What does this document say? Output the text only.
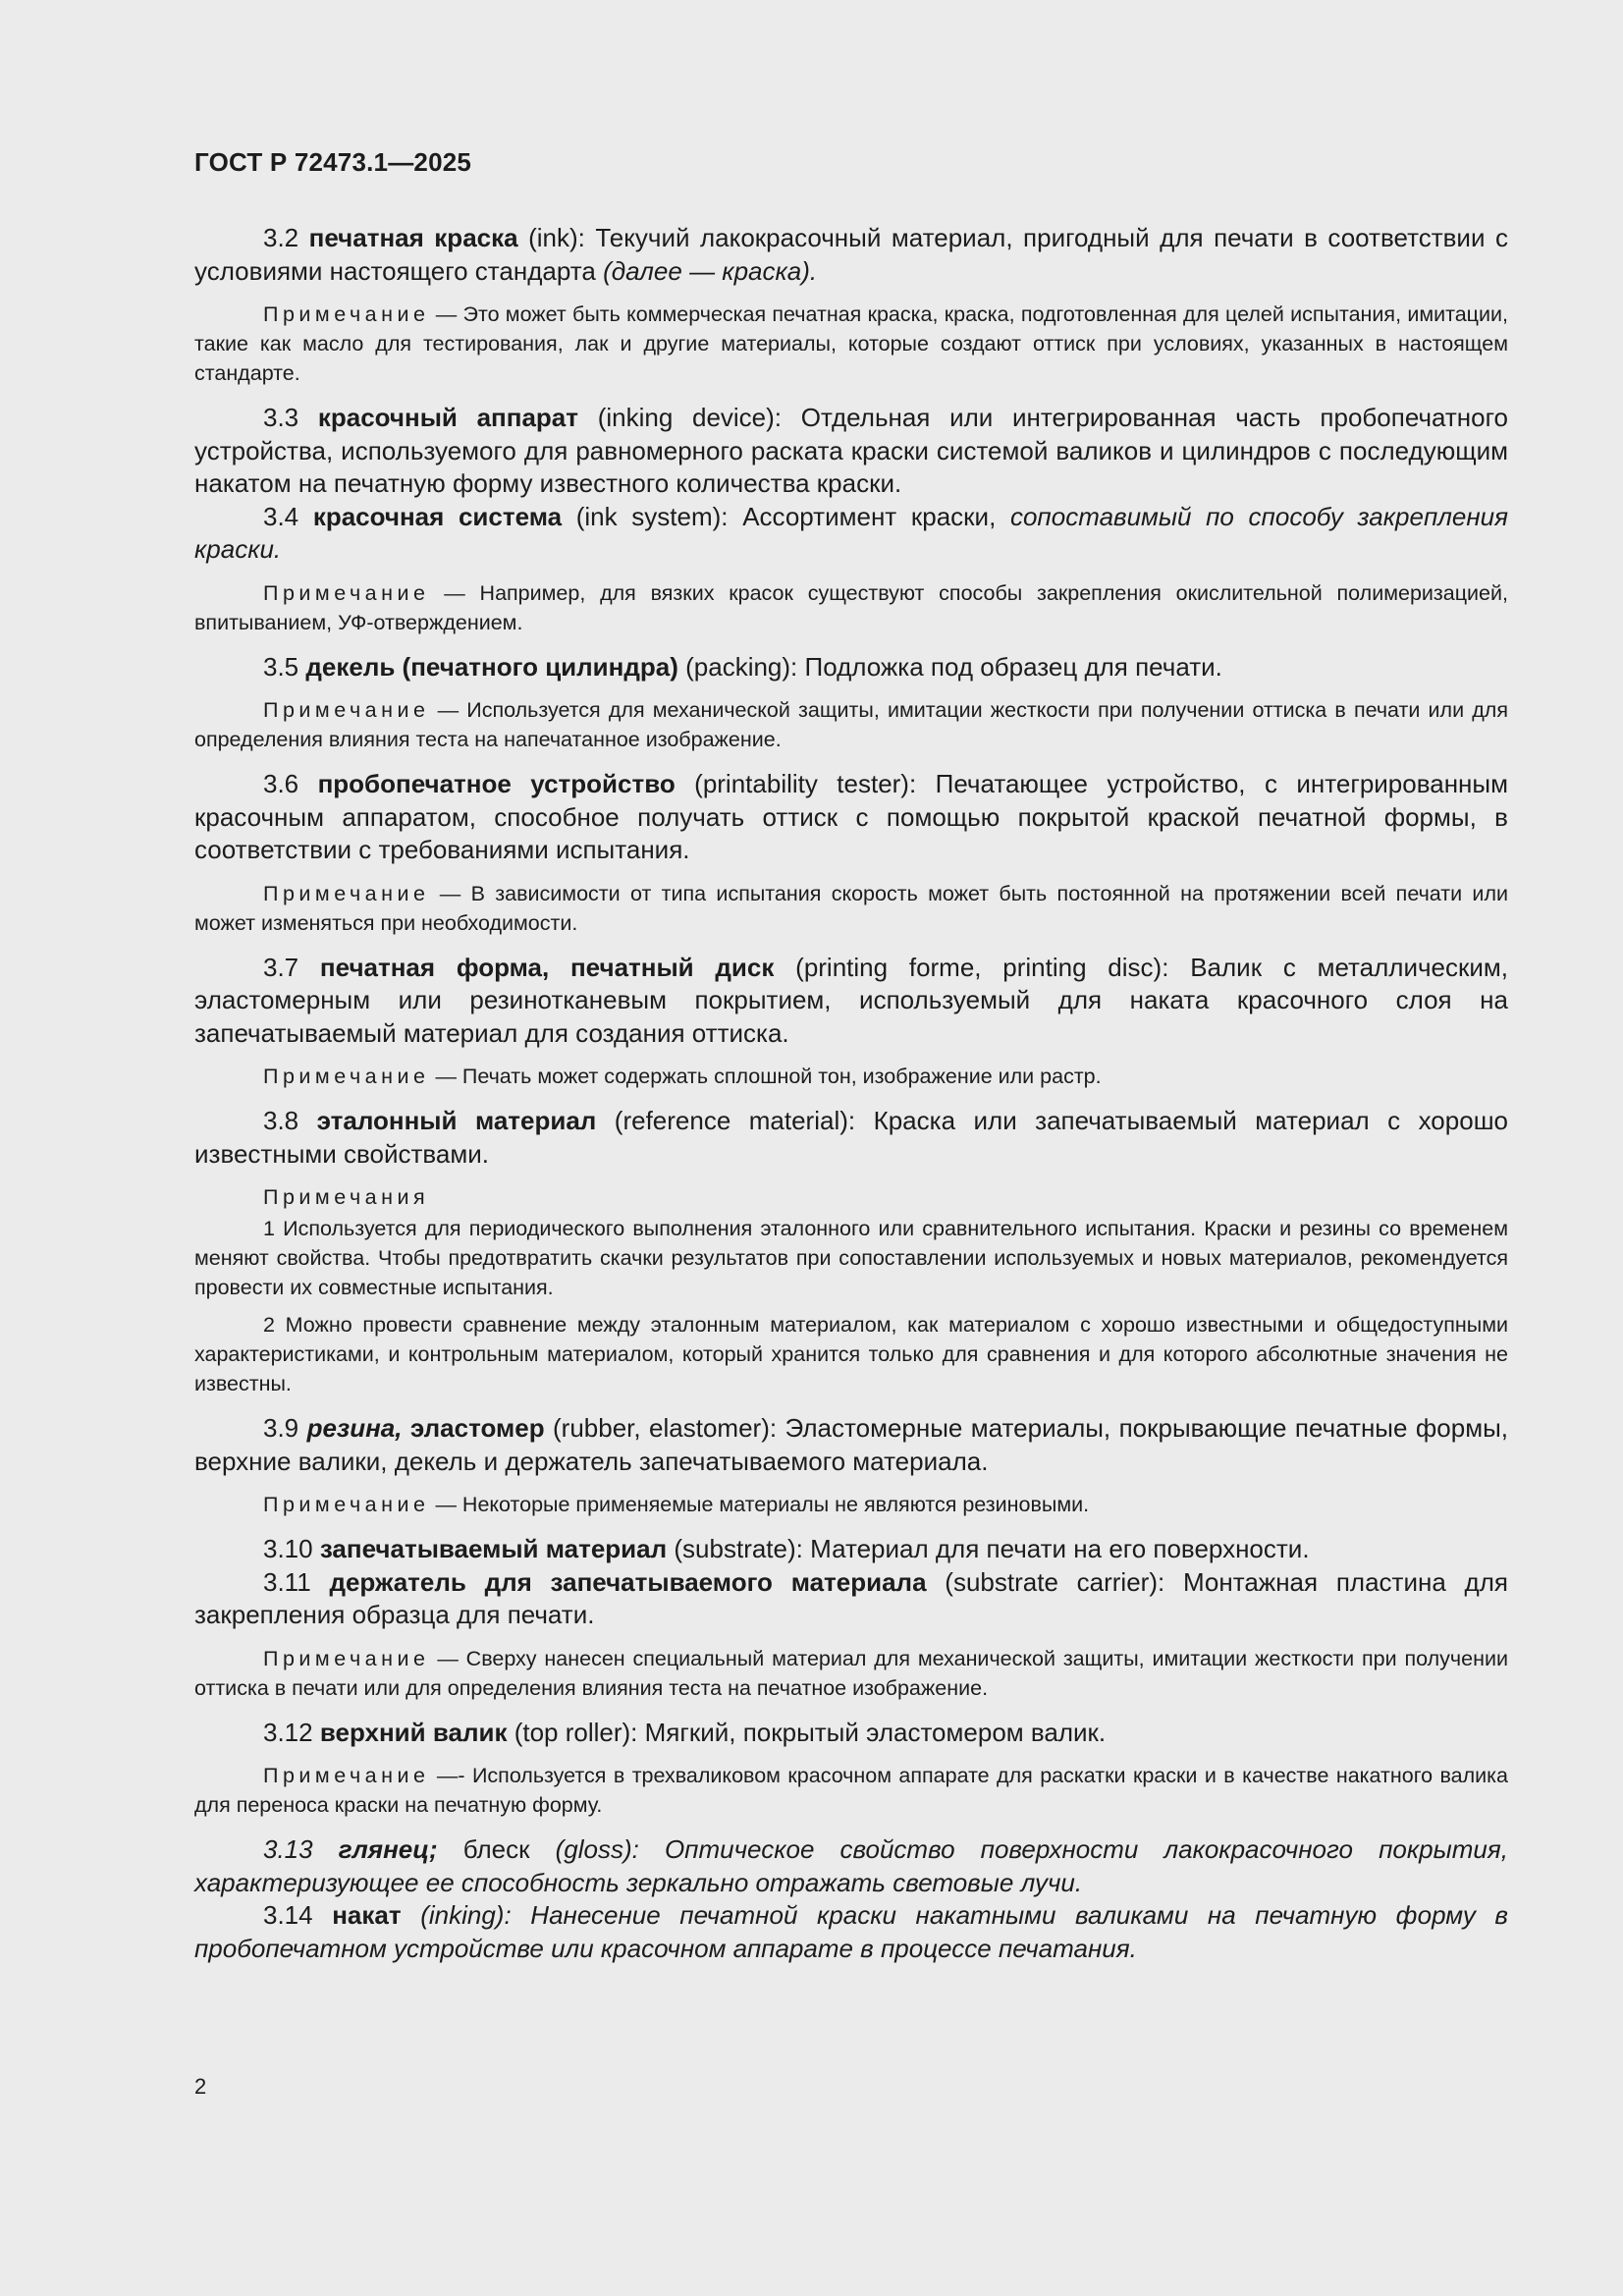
ГОСТ Р 72473.1—2025

3.2 печатная краска (ink): Текучий лакокрасочный материал, пригодный для печати в соответствии с условиями настоящего стандарта (далее — краска).

Примечание — Это может быть коммерческая печатная краска, краска, подготовленная для целей испытания, имитации, такие как масло для тестирования, лак и другие материалы, которые создают оттиск при условиях, указанных в настоящем стандарте.

3.3 красочный аппарат (inking device): Отдельная или интегрированная часть пробопечатного устройства, используемого для равномерного раската краски системой валиков и цилиндров с последующим накатом на печатную форму известного количества краски.

3.4 красочная система (ink system): Ассортимент краски, сопоставимый по способу закрепления краски.

Примечание — Например, для вязких красок существуют способы закрепления окислительной полимеризацией, впитыванием, УФ-отверждением.

3.5 декель (печатного цилиндра) (packing): Подложка под образец для печати.

Примечание — Используется для механической защиты, имитации жесткости при получении оттиска в печати или для определения влияния теста на напечатанное изображение.

3.6 пробопечатное устройство (printability tester): Печатающее устройство, с интегрированным красочным аппаратом, способное получать оттиск с помощью покрытой краской печатной формы, в соответствии с требованиями испытания.

Примечание — В зависимости от типа испытания скорость может быть постоянной на протяжении всей печати или может изменяться при необходимости.

3.7 печатная форма, печатный диск (printing forme, printing disc): Валик с металлическим, эластомерным или резинотканевым покрытием, используемый для наката красочного слоя на запечатываемый материал для создания оттиска.

Примечание — Печать может содержать сплошной тон, изображение или растр.

3.8 эталонный материал (reference material): Краска или запечатываемый материал с хорошо известными свойствами.

Примечания

1 Используется для периодического выполнения эталонного или сравнительного испытания. Краски и резины со временем меняют свойства. Чтобы предотвратить скачки результатов при сопоставлении используемых и новых материалов, рекомендуется провести их совместные испытания.

2 Можно провести сравнение между эталонным материалом, как материалом с хорошо известными и общедоступными характеристиками, и контрольным материалом, который хранится только для сравнения и для которого абсолютные значения не известны.

3.9 резина, эластомер (rubber, elastomer): Эластомерные материалы, покрывающие печатные формы, верхние валики, декель и держатель запечатываемого материала.

Примечание — Некоторые применяемые материалы не являются резиновыми.

3.10 запечатываемый материал (substrate): Материал для печати на его поверхности.

3.11 держатель для запечатываемого материала (substrate carrier): Монтажная пластина для закрепления образца для печати.

Примечание — Сверху нанесен специальный материал для механической защиты, имитации жесткости при получении оттиска в печати или для определения влияния теста на печатное изображение.

3.12 верхний валик (top roller): Мягкий, покрытый эластомером валик.

Примечание —- Используется в трехваликовом красочном аппарате для раскатки краски и в качестве накатного валика для переноса краски на печатную форму.

3.13 глянец; блеск (gloss): Оптическое свойство поверхности лакокрасочного покрытия, характеризующее ее способность зеркально отражать световые лучи.

3.14 накат (inking): Нанесение печатной краски накатными валиками на печатную форму в пробопечатном устройстве или красочном аппарате в процессе печатания.

2
